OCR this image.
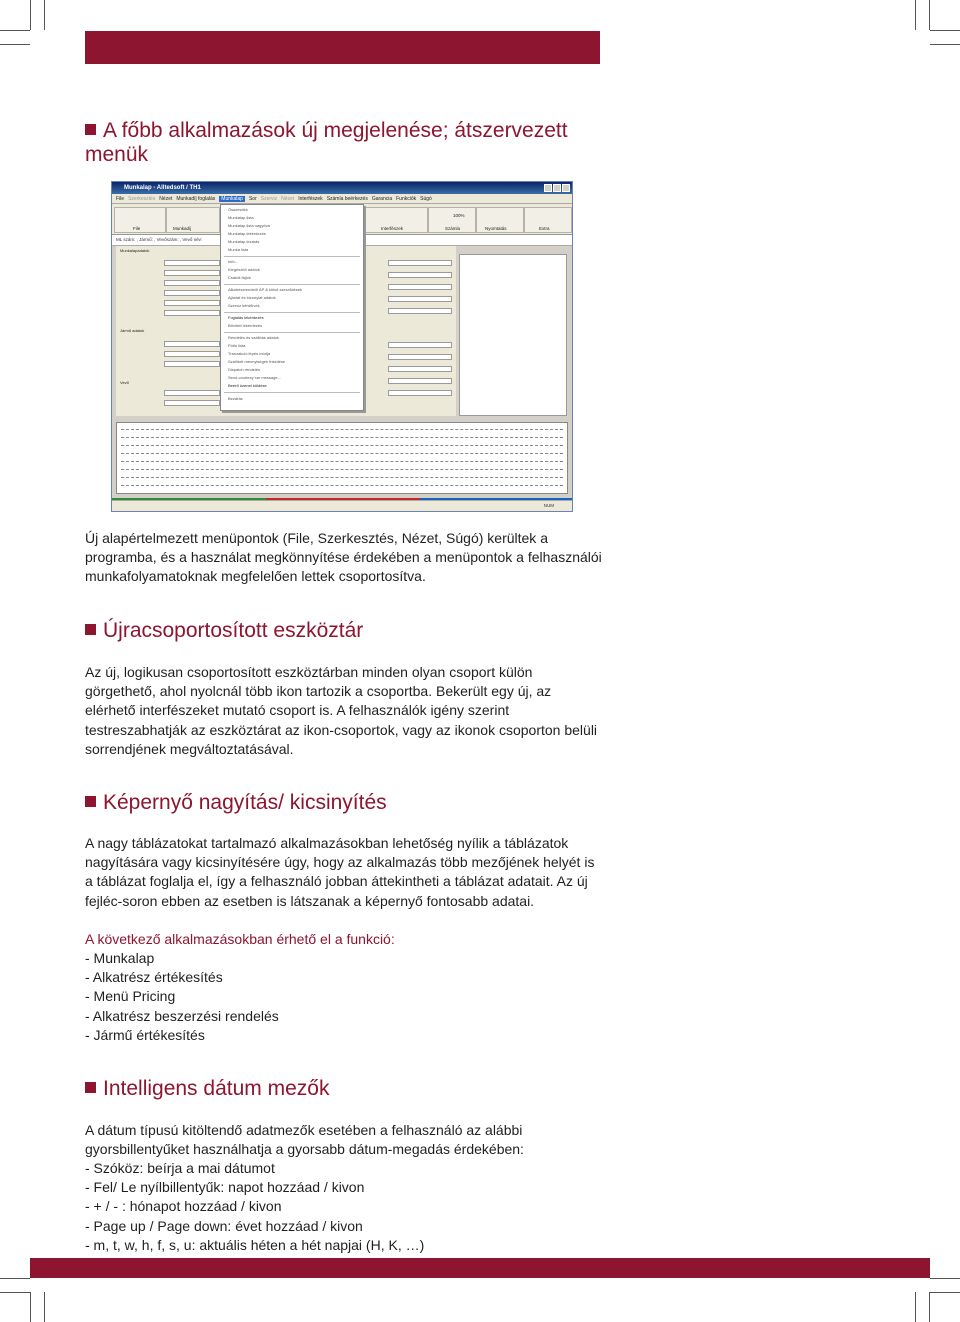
A főbb alkalmazások új megjelenése; átszervezett menük
Munkalap - Alltedsoft / TH1
File Szerkesztés Nézet Munkadíj foglalás	Munkalap	Sor Szerviz Nézet Interfészek Számla beérkezés Garancia Funkciók Súgó
File	Munkadíj	Interfészek
100%
Számla	Nyomtatás	Extra
ML szám: , Jármű: , Vevőszám: , Vevő név:
Munkalapadatok
Jármű adatok
Vevő
Összesítés
Munkalap lista
Munkalap lista nagyítva
Munkalap lekérdezés
Munkalap lezárás
Munka lista
Infó...
Kiegészítő adatok
Csatolt fájlok
Alkatrészrendelő ÁP & külső szerződések
Ajánlat és bizonylat adatok
Szerviz kérdőívek
Foglalás lekérdezés
Bővített lekérdezés
Rendelés és szállítás adatok
Pótló lista
Tranzakció lépés módja
Szállított mennyiségek frissítése
Dispatch rendelés
Send courtesy car message...
Beérő üzenet küldése
Bezárás
NUM

Új alapértelmezett menüpontok (File, Szerkesztés, Nézet, Súgó) kerültek a programba, és a használat megkönnyítése érdekében a menüpontok a felhasználói munkafolyamatoknak megfelelően lettek csoportosítva.

Újracsoportosított eszköztár

Az új, logikusan csoportosított eszköztárban minden olyan csoport külön görgethető, ahol nyolcnál több ikon tartozik a csoportba. Bekerült egy új, az elérhető interfészeket mutató csoport is. A felhasználók igény szerint testreszabhatják az eszköztárat az ikon-csoportok, vagy az ikonok csoporton belüli sorrendjének megváltoztatásával.

Képernyő nagyítás/ kicsinyítés

A nagy táblázatokat tartalmazó alkalmazásokban lehetőség nyílik a táblázatok nagyítására vagy kicsinyítésére úgy, hogy az alkalmazás több mezőjének helyét is a táblázat foglalja el, így a felhasználó jobban áttekintheti a táblázat adatait. Az új fejléc-soron ebben az esetben is látszanak a képernyő fontosabb adatai.

A következő alkalmazásokban érhető el a funkció:

- Munkalap
- Alkatrész értékesítés
- Menü Pricing
- Alkatrész beszerzési rendelés
- Jármű értékesítés
Intelligens dátum mezők

A dátum típusú kitöltendő adatmezők esetében a felhasználó az alábbi gyorsbillentyűket használhatja a gyorsabb dátum-megadás érdekében:

- Szóköz: beírja a mai dátumot
- Fel/ Le nyílbillentyűk: napot hozzáad / kivon
- + / - : hónapot hozzáad / kivon
- Page up / Page down: évet hozzáad / kivon
- m, t, w, h, f, s, u: aktuális héten a hét napjai (H, K, …)
